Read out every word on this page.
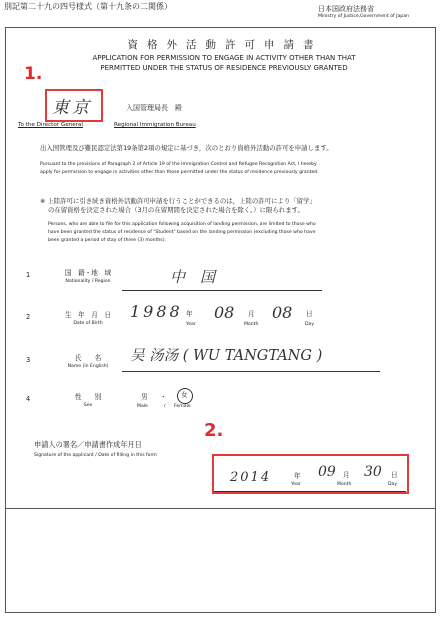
別記第二十九の四号様式（第十九条の二関係）	日本国政府法務省
Ministry of Justice,Government of Japan
資格外活動許可申請書
APPLICATION FOR PERMISSION TO ENGAGE IN ACTIVITY OTHER THAN THAT
PERMITTED UNDER THE STATUS OF RESIDENCE PREVIOUSLY GRANTED
1.
東京	入国管理局長　殿
To the Director General	Regional Immigration Bureau
出入国管理及び難民認定法第19条第2項の規定に基づき，次のとおり資格外活動の許可を申請します。
Pursuant to the provisions of Paragraph 2 of Article 19 of the Immigration Control and Refugee Recognition Act, I hereby
apply for permission to engage in activities other than those permitted under the status of residence previously granted.
※ 上陸許可に引き続き資格外活動許可申請を行うことができるのは，上陸の許可により「留学」
の在留資格を決定された場合（3月の在留期間を決定された場合を除く。）に限られます。
Persons, who are able to file for this application following acquisition of landing permission, are limited to those who
have been granted the status of residence of "Student" based on the landing permission (excluding those who have
been granted a period of stay of three (3) months).
1	国　籍・地　域
Nationality / Region	中　国
2	生　年　月　日
Date of Birth
1988 年
Year
08 月
Month
08 日
Day
3	氏　　名
Name (in English)
吴 汤汤 ( WU TANGTANG )
4	性　　別
Sex
男 ・ 女
Male	/ Female
2.
申請人の署名／申請書作成年月日
Signature of the applicant / Date of filling in this form
2014	年
Year
09 月
Month
30 日
Day
